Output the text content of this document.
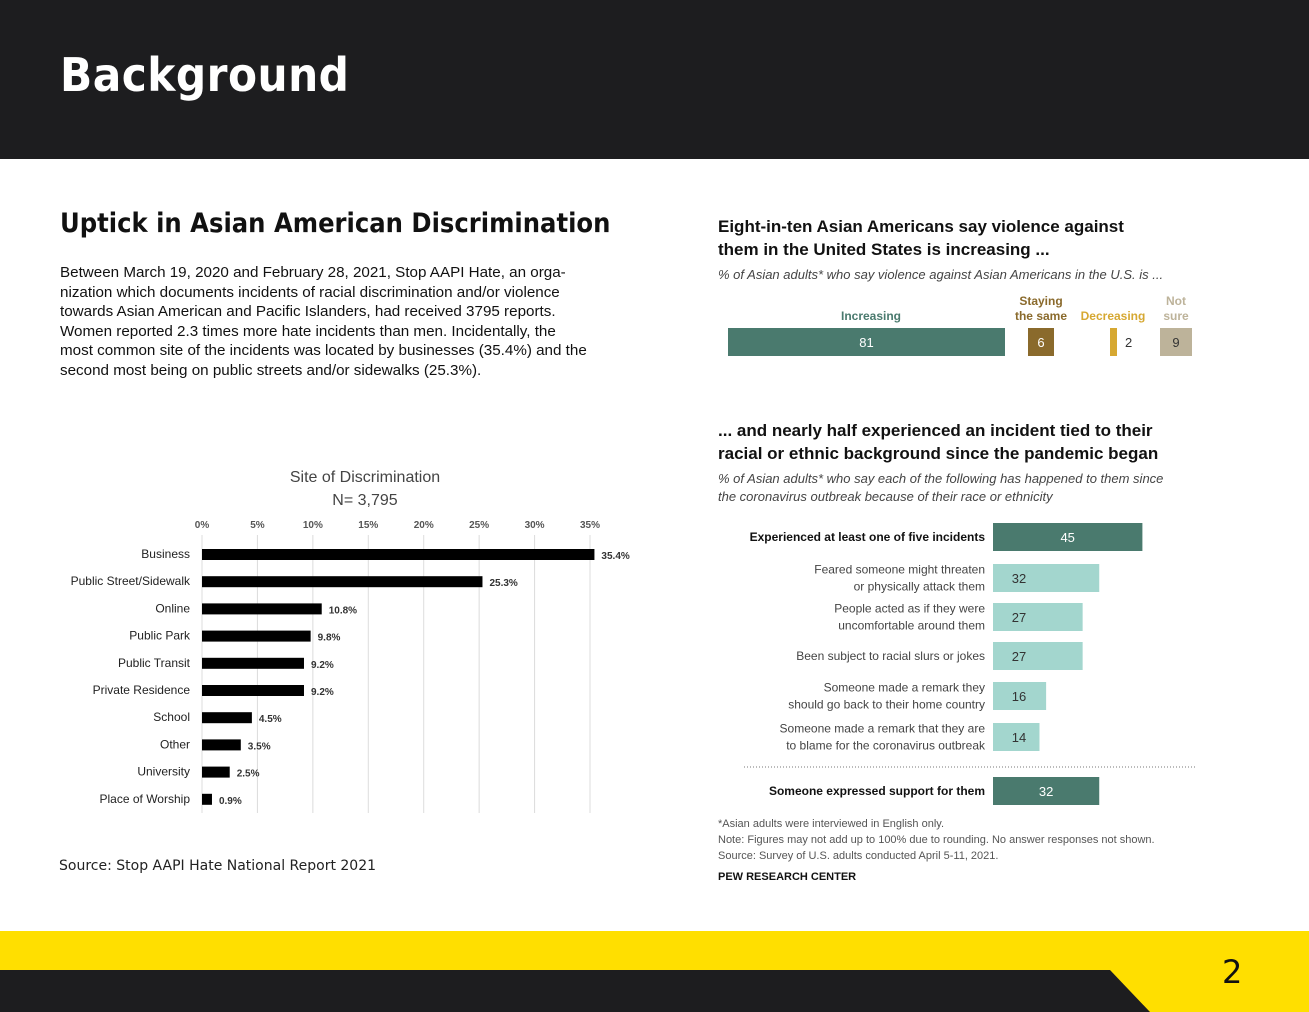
Background
Uptick in Asian American Discrimination

Between March 19, 2020 and February 28, 2021, Stop AAPI Hate, an orga-
nization which documents incidents of racial discrimination and/or violence
towards Asian American and Pacific Islanders, had received 3795 reports.
Women reported 2.3 times more hate incidents than men. Incidentally, the
most common site of the incidents was located by businesses (35.4%) and the
second most being on public streets and/or sidewalks (25.3%).

Site of Discrimination
N= 3,795
0%	5%	10%	15%	20%	25%	30%	35%
Business	35.4%
Public Street/Sidewalk	25.3%
Online	10.8%
Public Park	9.8%
Public Transit	9.2%
Private Residence	9.2%
School	4.5%
Other	3.5%
University	2.5%
Place of Worship	0.9%

Source: Stop AAPI Hate National Report 2021

Eight-in-ten Asian Americans say violence against
them in the United States is increasing ...
% of Asian adults* who say violence against Asian Americans in the U.S. is ...
Increasing
81
Staying
the same
6
Decreasing
2
Not
sure
9
... and nearly half experienced an incident tied to their
racial or ethnic background since the pandemic began
% of Asian adults* who say each of the following has happened to them since
the coronavirus outbreak because of their race or ethnicity
Experienced at least one of five incidents	45
Feared someone might threaten
or physically attack them
32
People acted as if they were
uncomfortable around them
27
Been subject to racial slurs or jokes 27
Someone made a remark they
should go back to their home country
16
Someone made a remark that they are
to blame for the coronavirus outbreak
14
Someone expressed support for them	32
*Asian adults were interviewed in English only.
Note: Figures may not add up to 100% due to rounding. No answer responses not shown.
Source: Survey of U.S. adults conducted April 5-11, 2021.
PEW RESEARCH CENTER

2
